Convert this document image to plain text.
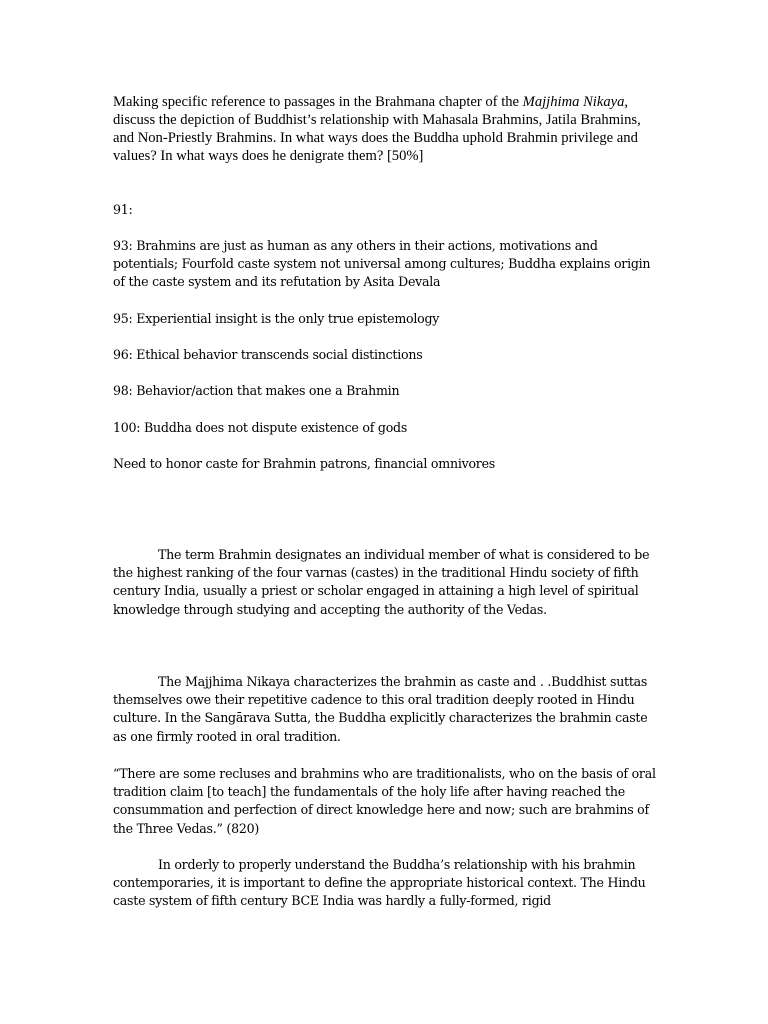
Making specific reference to passages in the Brahmana chapter of the Majjhima Nikaya, discuss the depiction of Buddhist’s relationship with Mahasala Brahmins, Jatila Brahmins, and Non-Priestly Brahmins. In what ways does the Buddha uphold Brahmin privilege and values? In what ways does he denigrate them? [50%]

91:

93: Brahmins are just as human as any others in their actions, motivations and potentials; Fourfold caste system not universal among cultures; Buddha explains origin of the caste system and its refutation by Asita Devala

95: Experiential insight is the only true epistemology

96: Ethical behavior transcends social distinctions

98: Behavior/action that makes one a Brahmin

100: Buddha does not dispute existence of gods

Need to honor caste for Brahmin patrons, financial omnivores

The term Brahmin designates an individual member of what is considered to be the highest ranking of the four varnas (castes) in the traditional Hindu society of fifth century India, usually a priest or scholar engaged in attaining a high level of spiritual knowledge through studying and accepting the authority of the Vedas.

The Majjhima Nikaya characterizes the brahmin as caste and . .Buddhist suttas themselves owe their repetitive cadence to this oral tradition deeply rooted in Hindu culture. In the Sangārava Sutta, the Buddha explicitly characterizes the brahmin caste as one firmly rooted in oral tradition.

“There are some recluses and brahmins who are traditionalists, who on the basis of oral tradition claim [to teach] the fundamentals of the holy life after having reached the consummation and perfection of direct knowledge here and now; such are brahmins of the Three Vedas.” (820)

In orderly to properly understand the Buddha’s relationship with his brahmin contemporaries, it is important to define the appropriate historical context. The Hindu caste system of fifth century BCE India was hardly a fully-formed, rigid
